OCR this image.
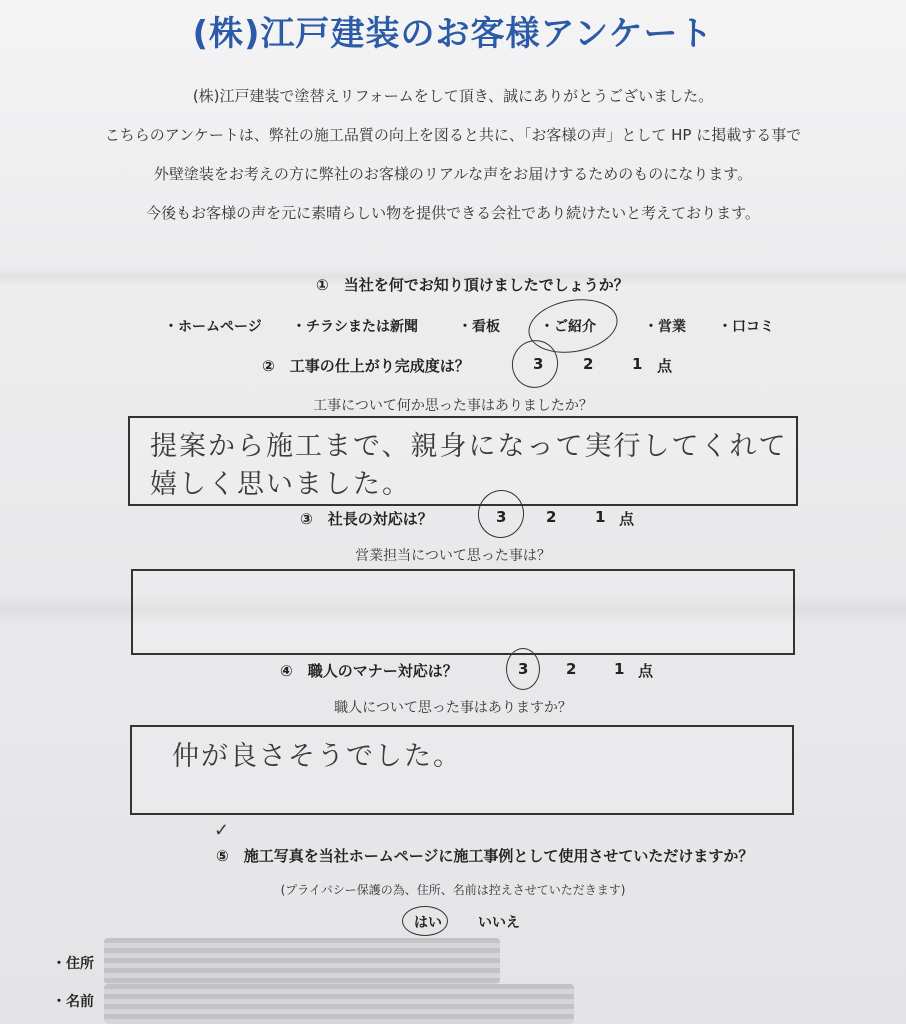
(株)江戸建装のお客様アンケート
(株)江戸建装で塗替えリフォームをして頂き、誠にありがとうございました。
こちらのアンケートは、弊社の施工品質の向上を図ると共に、「お客様の声」として HP に掲載する事で
外壁塗装をお考えの方に弊社のお客様のリアルな声をお届けするためのものになります。
今後もお客様の声を元に素晴らしい物を提供できる会社であり続けたいと考えております。
①　当社を何でお知り頂けましたでしょうか？
・ホームページ ・チラシまたは新聞	・看板	・ご紹介	・営業 ・口コミ
②　工事の仕上がり完成度は？	3	2	1 点
工事について何か思った事はありましたか？
提案から施工まで、親身になって実行してくれて
嬉しく思いました。
③　社長の対応は？	3	2	1 点
営業担当について思った事は？
④　職人のマナー対応は？	3	2	1 点
職人について思った事はありますか？
仲が良さそうでした。
✓
⑤　施工写真を当社ホームページに施工事例として使用させていただけますか？
(プライバシー保護の為、住所、名前は控えさせていただきます)
はい	いいえ
・住所
・名前
